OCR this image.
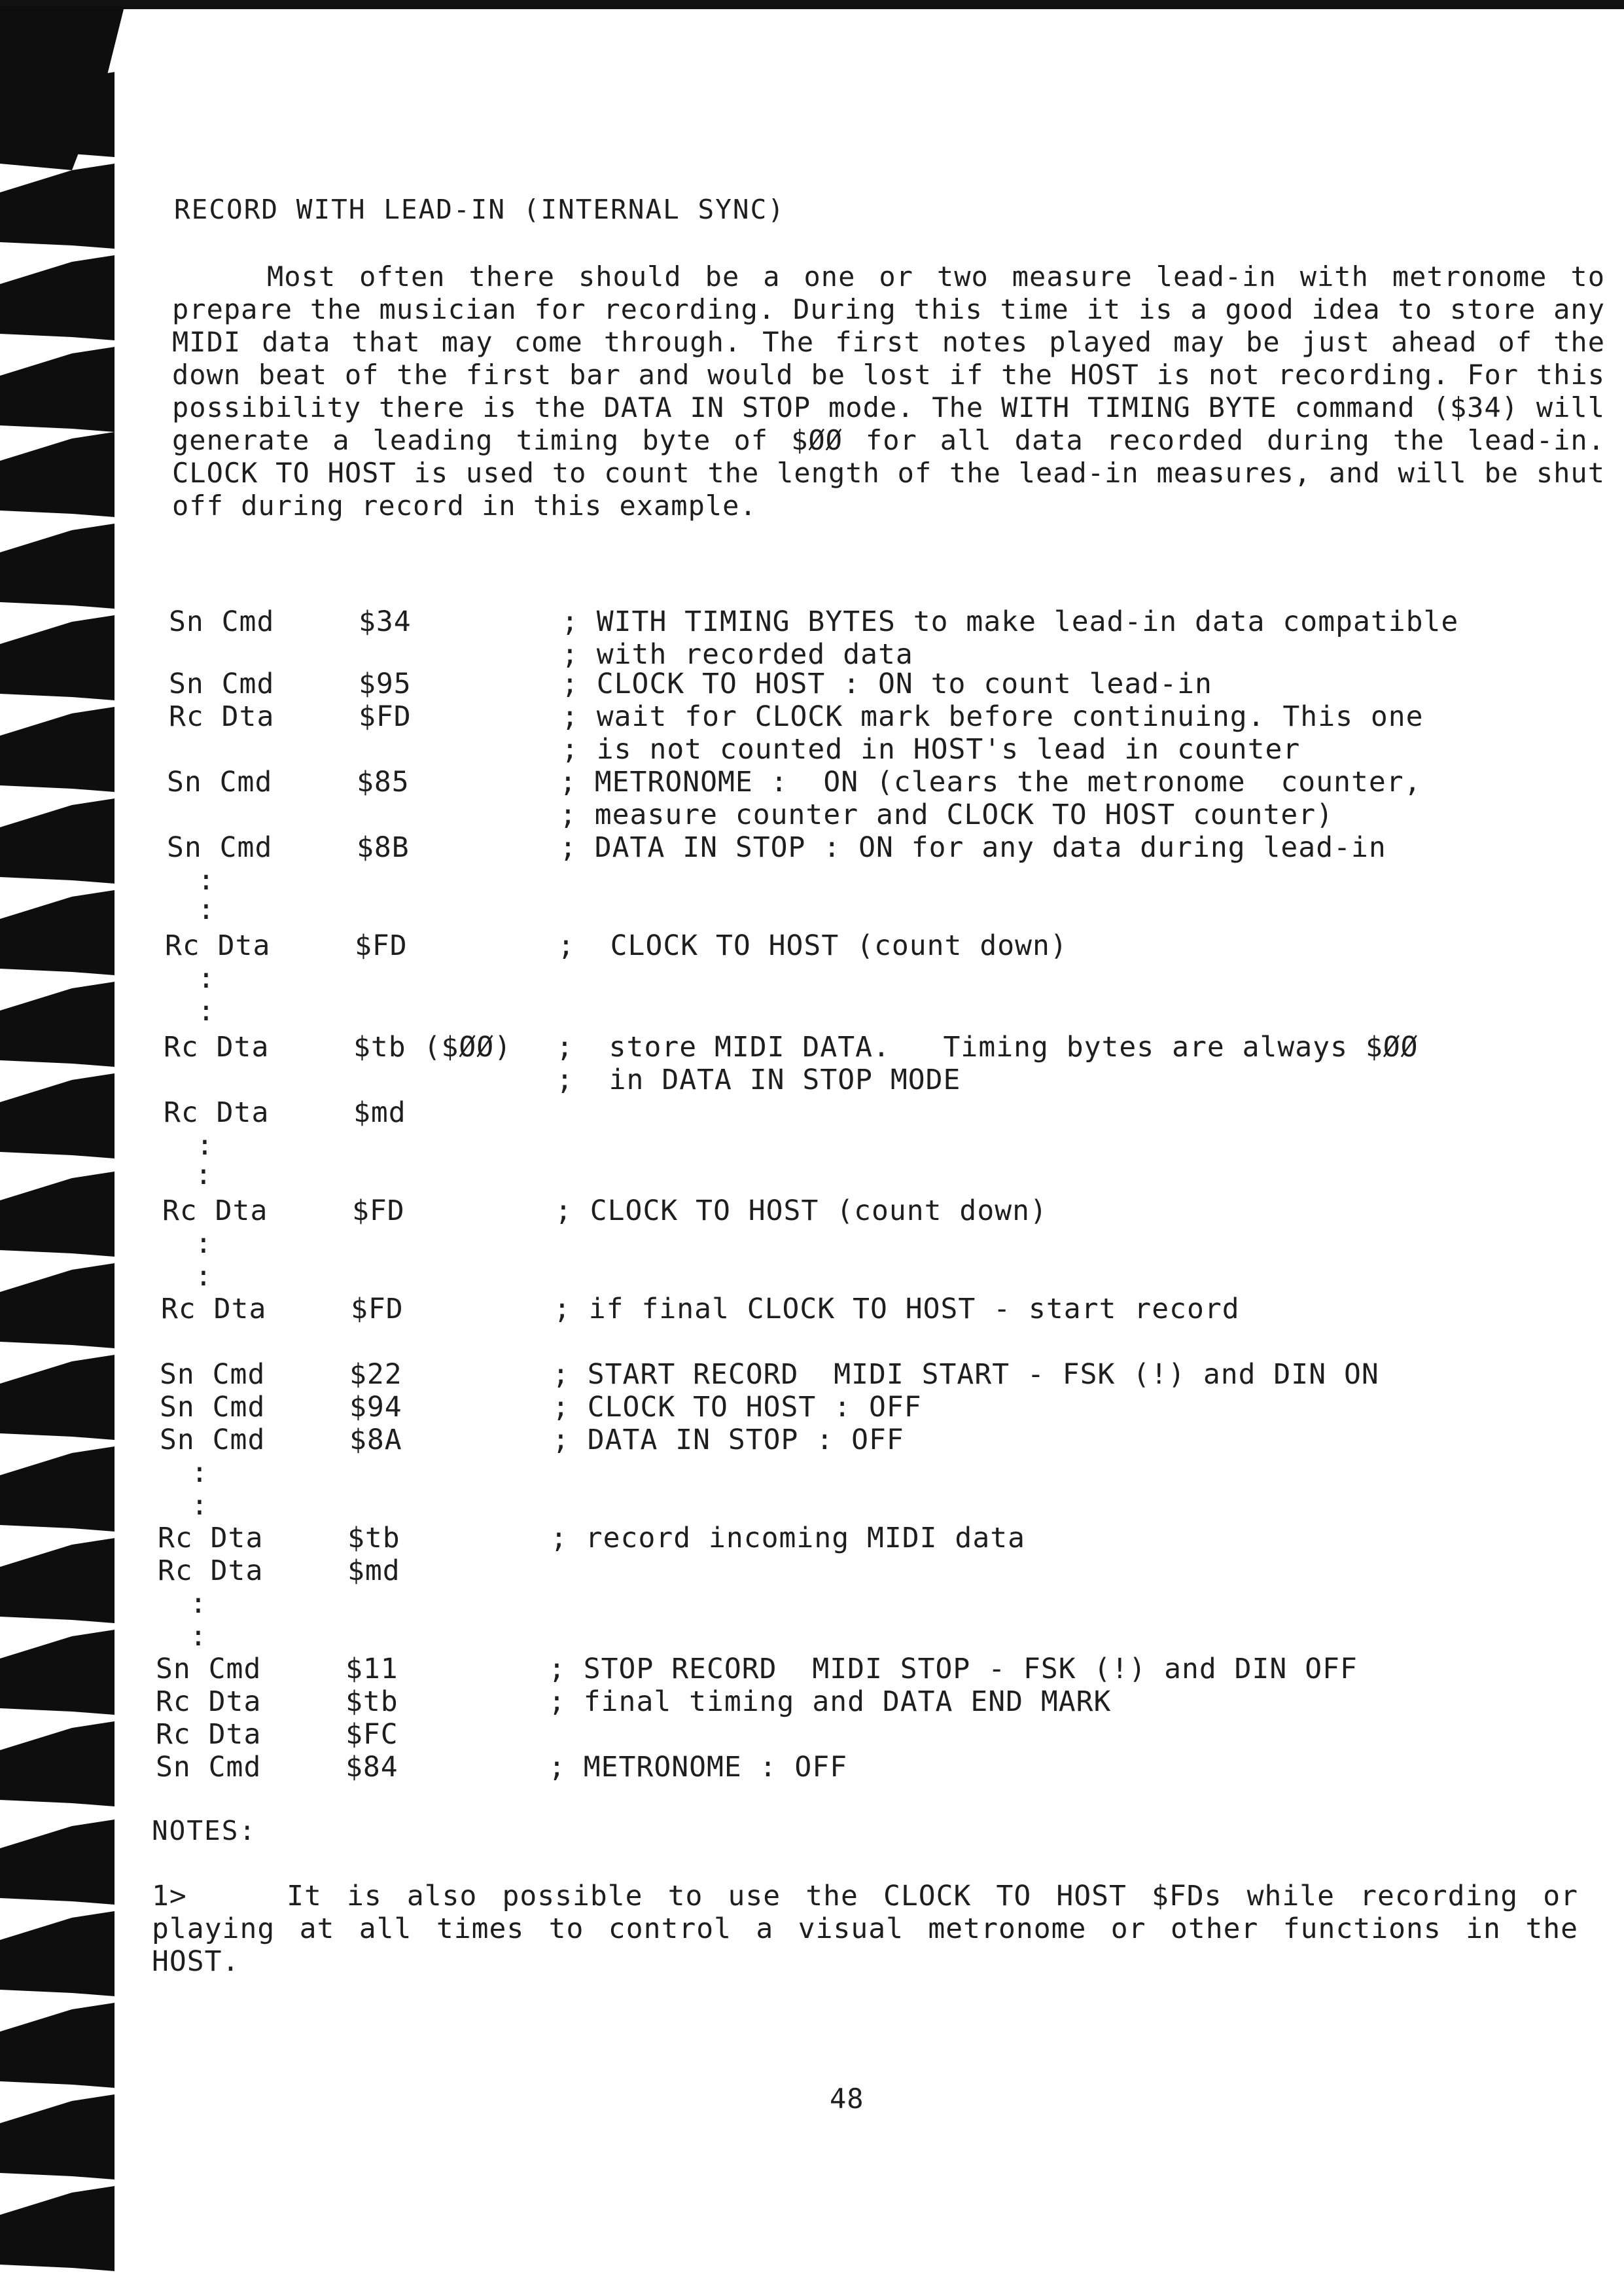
RECORD WITH LEAD-IN (INTERNAL SYNC)
Most often there should be a one or two measure lead-in with metronome to prepare the musician for recording. During this time it is a good idea to store any MIDI data that may come through. The first notes played may be just ahead of the down beat of the first bar and would be lost if the HOST is not recording. For this possibility there is the DATA IN STOP mode. The WITH TIMING BYTE command ($34) will generate a leading timing byte of $ØØ for all data recorded during the lead-in. CLOCK TO HOST is used to count the length of the lead-in measures, and will be shut off during record in this example.
Sn Cmd	$34	; WITH TIMING BYTES to make lead-in data compatible
; with recorded data
Sn Cmd	$95	; CLOCK TO HOST : ON to count lead-in
Rc Dta	$FD	; wait for CLOCK mark before continuing. This one
; is not counted in HOST's lead in counter
Sn Cmd	$85	; METRONOME :  ON (clears the metronome  counter,
; measure counter and CLOCK TO HOST counter)
Sn Cmd	$8B	; DATA IN STOP : ON for any data during lead-in
:
:
Rc Dta	$FD	;  CLOCK TO HOST (count down)
:
:
Rc Dta	$tb ($ØØ) ;  store MIDI DATA.   Timing bytes are always $ØØ
;  in DATA IN STOP MODE
Rc Dta	$md
:
:
Rc Dta	$FD	; CLOCK TO HOST (count down)
:
:
Rc Dta	$FD	; if final CLOCK TO HOST - start record
Sn Cmd	$22	; START RECORD  MIDI START - FSK (!) and DIN ON
Sn Cmd	$94	; CLOCK TO HOST : OFF
Sn Cmd	$8A	; DATA IN STOP : OFF
:
:
Rc Dta	$tb	; record incoming MIDI data
Rc Dta	$md
:
:
Sn Cmd	$11	; STOP RECORD  MIDI STOP - FSK (!) and DIN OFF
Rc Dta	$tb	; final timing and DATA END MARK
Rc Dta	$FC
Sn Cmd	$84	; METRONOME : OFF
NOTES:
1>	It is also possible to use the CLOCK TO HOST $FDs while recording or playing at all times to control a visual metronome or other functions in the HOST.
48
